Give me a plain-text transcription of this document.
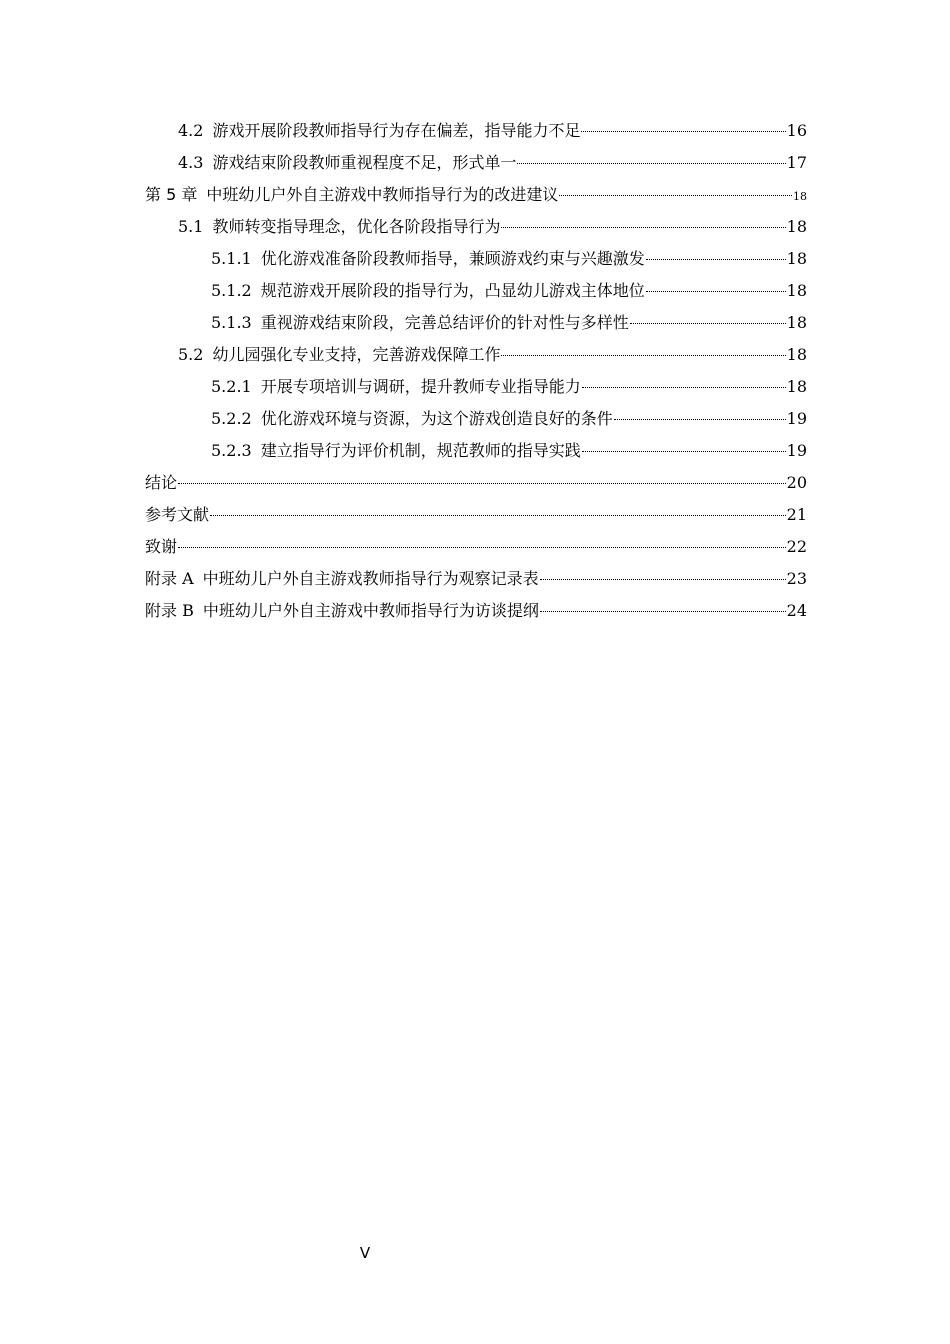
4.2 游戏开展阶段教师指导行为存在偏差，指导能力不足	16
4.3 游戏结束阶段教师重视程度不足，形式单一	17
第 5 章 中班幼儿户外自主游戏中教师指导行为的改进建议	18
5.1 教师转变指导理念，优化各阶段指导行为	18
5.1.1 优化游戏准备阶段教师指导，兼顾游戏约束与兴趣激发	18
5.1.2 规范游戏开展阶段的指导行为，凸显幼儿游戏主体地位	18
5.1.3 重视游戏结束阶段，完善总结评价的针对性与多样性	18
5.2 幼儿园强化专业支持，完善游戏保障工作	18
5.2.1 开展专项培训与调研，提升教师专业指导能力	18
5.2.2 优化游戏环境与资源，为这个游戏创造良好的条件	19
5.2.3 建立指导行为评价机制，规范教师的指导实践	19
结论	20
参考文献	21
致谢	22
附录 A 中班幼儿户外自主游戏教师指导行为观察记录表	23
附录 B 中班幼儿户外自主游戏中教师指导行为访谈提纲	24
V
